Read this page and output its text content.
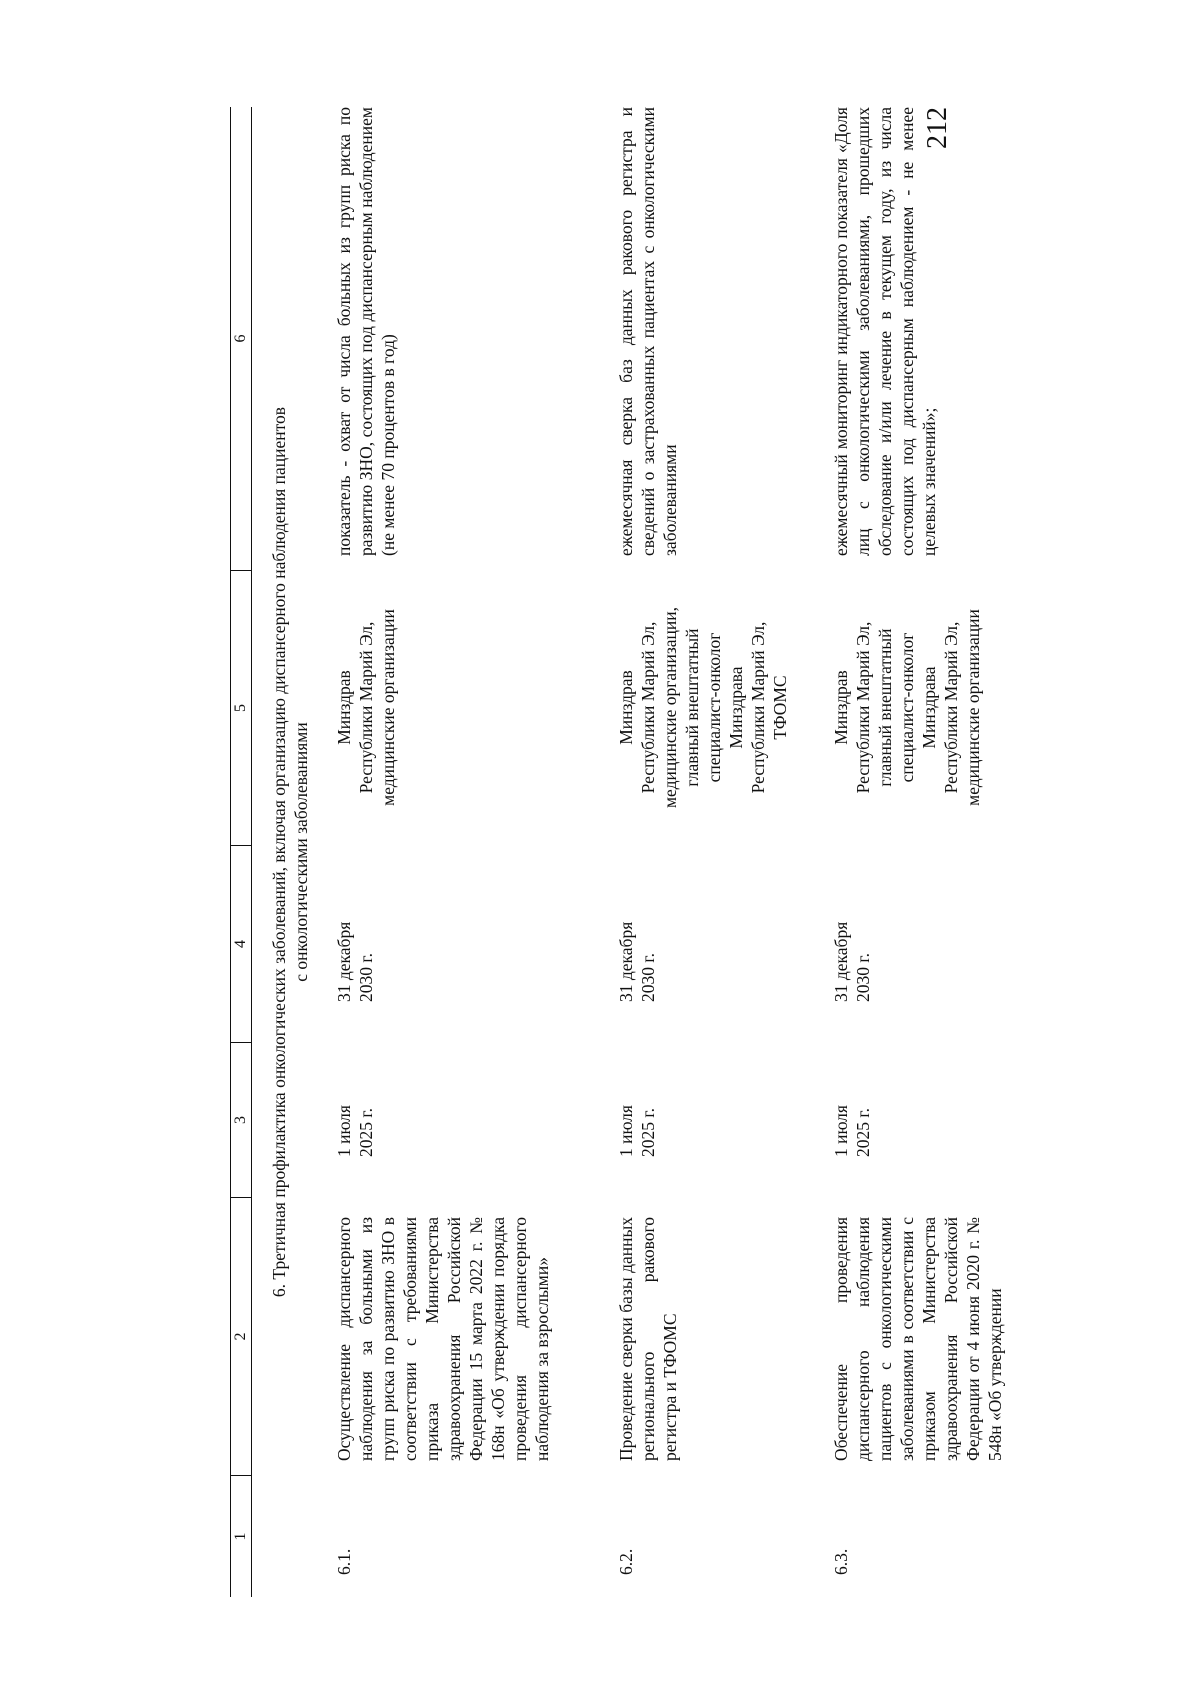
212
1
2
3
4
5
6
6. Третичная профилактика онкологических заболеваний, включая организацию диспансерного наблюдения пациентов
с онкологическими заболеваниями
6.1.
Осуществление диспансерного наблюдения за больными из групп риска по развитию ЗНО в соответствии с требованиями приказа Министерства здравоохранения Российской Федерации 15 марта 2022 г. № 168н «Об утверждении порядка проведения диспансерного наблюдения за взрослыми»
1 июля
2025 г.
31 декабря
2030 г.
Минздрав
Республики Марий Эл,
медицинские организации
показатель - охват от числа больных из групп риска по развитию ЗНО, состоящих под диспансерным наблюдением (не менее 70 процентов в год)
6.2.
Проведение сверки базы данных регионального ракового регистра и ТФОМС
1 июля
2025 г.
31 декабря
2030 г.
Минздрав
Республики Марий Эл,
медицинские организации,
главный внештатный
специалист-онколог
Минздрава
Республики Марий Эл,
ТФОМС
ежемесячная сверка баз данных ракового регистра и сведений о застрахованных пациентах с онкологическими заболеваниями
6.3.
Обеспечение проведения диспансерного наблюдения пациентов с онкологическими заболеваниями в соответствии с приказом Министерства здравоохранения Российской Федерации от 4 июня 2020 г. № 548н «Об утверждении
1 июля
2025 г.
31 декабря
2030 г.
Минздрав
Республики Марий Эл,
главный внештатный
специалист-онколог
Минздрава
Республики Марий Эл,
медицинские организации
ежемесячный мониторинг индикаторного показателя «Доля лиц с онкологическими заболеваниями, прошедших обследование и/или лечение в текущем году, из числа состоящих под диспансерным наблюдением - не менее целевых значений»;
